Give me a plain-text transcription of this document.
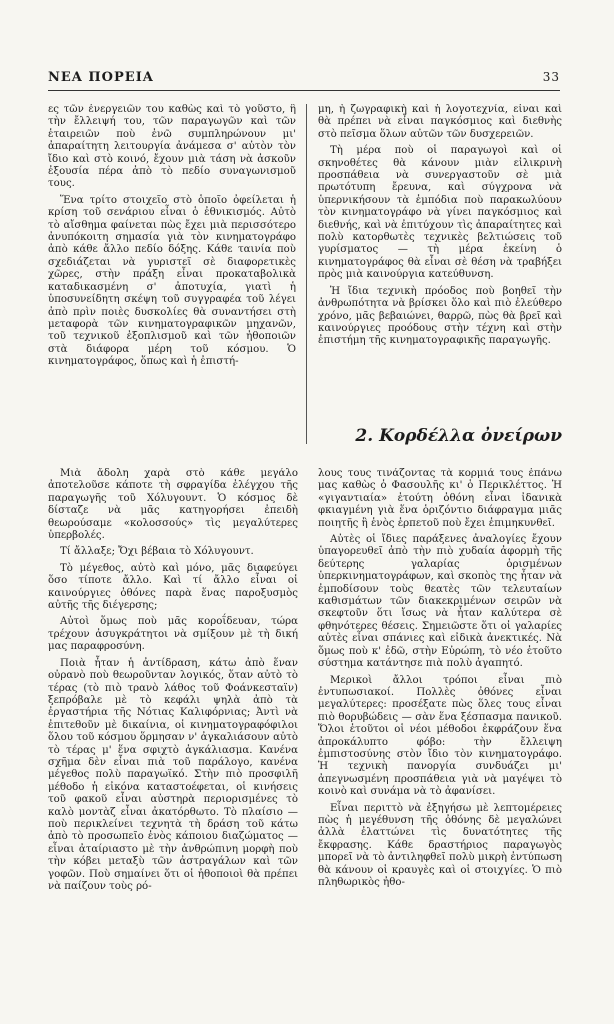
ΝΕΑ ΠΟΡΕΙΑ	33

ες τῶν ἐνεργειῶν του καθὼς καὶ τὸ γοῦστο, ἢ τὴν ἔλλειψή του, τῶν παραγωγῶν καὶ τῶν ἑταιρειῶν ποὺ ἐνῶ συμπληρώνουν μι' ἀπαραίτητη λειτουργία ἀνάμεσα σ' αὐτὸν τὸν ἴδιο καὶ στὸ κοινό, ἔχουν μιὰ τάση νὰ ἀσκοῦν ἐξουσία πέρα ἀπὸ τὸ πεδίο συναγωνισμοῦ τους.

Ἕνα τρίτο στοιχεῖο στὸ ὁποῖο ὀφείλεται ἡ κρίση τοῦ σενάριου εἶναι ὁ ἐθνικισμός. Αὐτὸ τὸ αἴσθημα φαίνεται πὼς ἔχει μιὰ περισσότερο ἀνυπόκοιτη σημασία γιὰ τὸν κινηματογράφο ἀπὸ κάθε ἄλλο πεδίο δόξης. Κάθε ταινία ποὺ σχεδιάζεται νὰ γυριστεῖ σὲ διαφορετικὲς χῶρες, στὴν πράξη εἶναι προκαταβολικὰ καταδικασμένη σ' ἀποτυχία, γιατὶ ἡ ὑποσυνείδητη σκέψη τοῦ συγγραφέα τοῦ λέγει ἀπὸ πρὶν ποιὲς δυσκολίες θὰ συναντήσει στὴ μεταφορὰ τῶν κινηματογραφικῶν μηχανῶν, τοῦ τεχνικοῦ ἐξοπλισμοῦ καὶ τῶν ἠθοποιῶν στὰ διάφορα μέρη τοῦ κόσμου. Ὁ κινηματογράφος, ὅπως καὶ ἡ ἐπιστή-

μη, ἡ ζωγραφικὴ καὶ ἡ λογοτεχνία, εἶναι καὶ θὰ πρέπει νὰ εἶναι παγκόσμιος καὶ διεθνὴς στὸ πεῖσμα ὅλων αὐτῶν τῶν δυσχερειῶν.

Τὴ μέρα ποὺ οἱ παραγωγοὶ καὶ οἱ σκηνοθέτες θὰ κάνουν μιὰν εἰλικρινὴ προσπάθεια νὰ συνεργαστοῦν σὲ μιὰ πρωτότυπη ἔρευνα, καὶ σύγχρονα νὰ ὑπερνικήσουν τὰ ἐμπόδια ποὺ παρακωλύουν τὸν κινηματογράφο νὰ γίνει παγκόσμιος καὶ διεθνής, καὶ νὰ ἐπιτύχουν τὶς ἀπαραίτητες καὶ πολὺ κατορθωτὲς τεχνικὲς βελτιώσεις τοῦ γυρίσματος — τὴ μέρα ἐκείνη ὁ κινηματογράφος θὰ εἶναι σὲ θέση νὰ τραβήξει πρὸς μιὰ καινούργια κατεύθυνση.

Ἡ ἴδια τεχνικὴ πρόοδος ποὺ βοηθεῖ τὴν ἀνθρωπότητα νὰ βρίσκει ὅλο καὶ πιὸ ἐλεύθερο χρόνο, μᾶς βεβαιώνει, θαρρῶ, πὼς θὰ βρεῖ καὶ καινούργιες προόδους στὴν τέχνη καὶ στὴν ἐπιστήμη τῆς κινηματογραφικῆς παραγωγῆς.

2. Κορδέλλα ὀνείρων

Μιὰ ἄδολη χαρὰ στὸ κάθε μεγάλο ἀποτελοῦσε κάποτε τὴ σφραγίδα ἐλέγχου τῆς παραγωγῆς τοῦ Χόλυγουντ. Ὁ κόσμος δὲ δίσταζε νὰ μᾶς κατηγορήσει ἐπειδὴ θεωρούσαμε «κολοσσούς» τὶς μεγαλύτερες ὑπερβολές.

Τί ἄλλαξε; Ὄχι βέβαια τὸ Χόλυγουντ.

Τὸ μέγεθος, αὐτὸ καὶ μόνο, μᾶς διαφεύγει ὅσο τίποτε ἄλλο. Καὶ τί ἄλλο εἶναι οἱ καινούργιες ὀθόνες παρὰ ἕνας παροξυσμὸς αὐτῆς τῆς διέγερσης;

Αὐτοὶ ὅμως ποὺ μᾶς κοροΐδευαν, τώρα τρέχουν ἀσυγκράτητοι νὰ σμίξουν μὲ τὴ δική μας παραφροσύνη.

Ποιὰ ἦταν ἡ ἀντίδραση, κάτω ἀπὸ ἕναν οὐρανὸ ποὺ θεωροῦνταν λογικός, ὅταν αὐτὸ τὸ τέρας (τὸ πιὸ τρανὸ λάθος τοῦ Φοάνκεσταϊν) ξεπρόβαλε μὲ τὸ κεφάλι ψηλὰ ἀπὸ τὰ ἐργαστήρια τῆς Νότιας Καλιφόρνιας; Ἀντὶ νὰ ἐπιτεθοῦν μὲ δικαίνια, οἱ κινηματογραφόφιλοι ὅλου τοῦ κόσμου ὅρμησαν ν' ἀγκαλιάσουν αὐτὸ τὸ τέρας μ' ἕνα σφιχτὸ ἀγκάλιασμα. Κανένα σχῆμα δὲν εἶναι πιὰ τοῦ παράλογο, κανένα μέγεθος πολὺ παραγωϊκό. Στὴν πιὸ προσφιλῆ μέθοδο ἡ εἰκόνα καταστοέφεται, οἱ κινήσεις τοῦ φακοῦ εἶναι αὐστηρὰ περιορισμένες τὸ καλὸ μοντὰζ εἶναι ἀκατόρθωτο. Τὸ πλαίσιο — ποὺ περικλείνει τεχνητὰ τὴ δράση τοῦ κάτω ἀπὸ τὸ προσωπεῖο ἑνὸς κάποιου διαζώματος — εἶναι ἀταίριαστο μὲ τὴν ἀνθρώπινη μορφὴ ποὺ τὴν κόβει μεταξὺ τῶν ἀστραγάλων καὶ τῶν γοφῶν. Ποὺ σημαίνει ὅτι οἱ ἠθοποιοὶ θὰ πρέπει νὰ παίζουν τοὺς ρό-

λους τους τινάζοντας τὰ κορμιά τους ἐπάνω μας καθὼς ὁ Φασουλῆς κι' ὁ Περικλέττος. Ἡ «γιγαντιαία» ἐτούτη ὀθόνη εἶναι ἰδανικὰ φκιαγμένη γιὰ ἕνα ὁριζόντιο διάφραγμα μιᾶς ποιητῆς ἢ ἑνὸς ἑρπετοῦ ποὺ ἔχει ἐπιμηκυνθεῖ.

Αὐτὲς οἱ ἴδιες παράξενες ἀναλογίες ἔχουν ὑπαγορευθεῖ ἀπὸ τὴν πιὸ χυδαία ἀφορμὴ τῆς δεύτερης γαλαρίας ὁρισμένων ὑπερκινηματογράφων, καὶ σκοπὸς της ἦταν νὰ ἐμποδίσουν τοὺς θεατὲς τῶν τελευταίων καθισμάτων τῶν διακεκριμένων σειρῶν νὰ σκεφτοῦν ὅτι ἴσως νὰ ἦταν καλύτερα σὲ φθηνότερες θέσεις. Σημειῶστε ὅτι οἱ γαλαρίες αὐτὲς εἶναι σπάνιες καὶ εἰδικὰ ἀνεκτικές. Νὰ ὅμως ποὺ κ' ἐδῶ, στὴν Εὐρώπη, τὸ νέο ἐτοῦτο σύστημα κατάντησε πιὰ πολὺ ἀγαπητό.

Μερικοὶ ἄλλοι τρόποι εἶναι πιὸ ἐντυπωσιακοί. Πολλὲς ὀθόνες εἶναι μεγαλύτερες: προσέξατε πὼς ὅλες τους εἶναι πιὸ θορυβώδεις — σὰν ἕνα ξέσπασμα πανικοῦ. Ὅλοι ἐτοῦτοι οἱ νέοι μέθοδοι ἐκφράζουν ἕνα ἀπροκάλυπτο φόβο: τὴν ἔλλειψη ἐμπιστοσύνης στὸν ἴδιο τὸν κινηματογράφο. Ἡ τεχνικὴ πανοργία συνδυάζει μι' ἀπεγνωσμένη προσπάθεια γιὰ νὰ μαγέψει τὸ κοινὸ καὶ συνάμα νὰ τὸ ἀφανίσει.

Εἶναι περιττὸ νὰ ἐξηγήσω μὲ λεπτομέρειες πὼς ἡ μεγέθυνση τῆς ὀθόνης δὲ μεγαλώνει ἀλλὰ ἐλαττώνει τὶς δυνατότητες τῆς ἔκφρασης. Κάθε δραστήριος παραγωγὸς μπορεῖ νὰ τὸ ἀντιληφθεῖ πολὺ μικρὴ ἐντύπωση θὰ κάνουν οἱ κραυγὲς καὶ οἱ στοιχγίες. Ὁ πιὸ πληθωρικὸς ἠθο-
